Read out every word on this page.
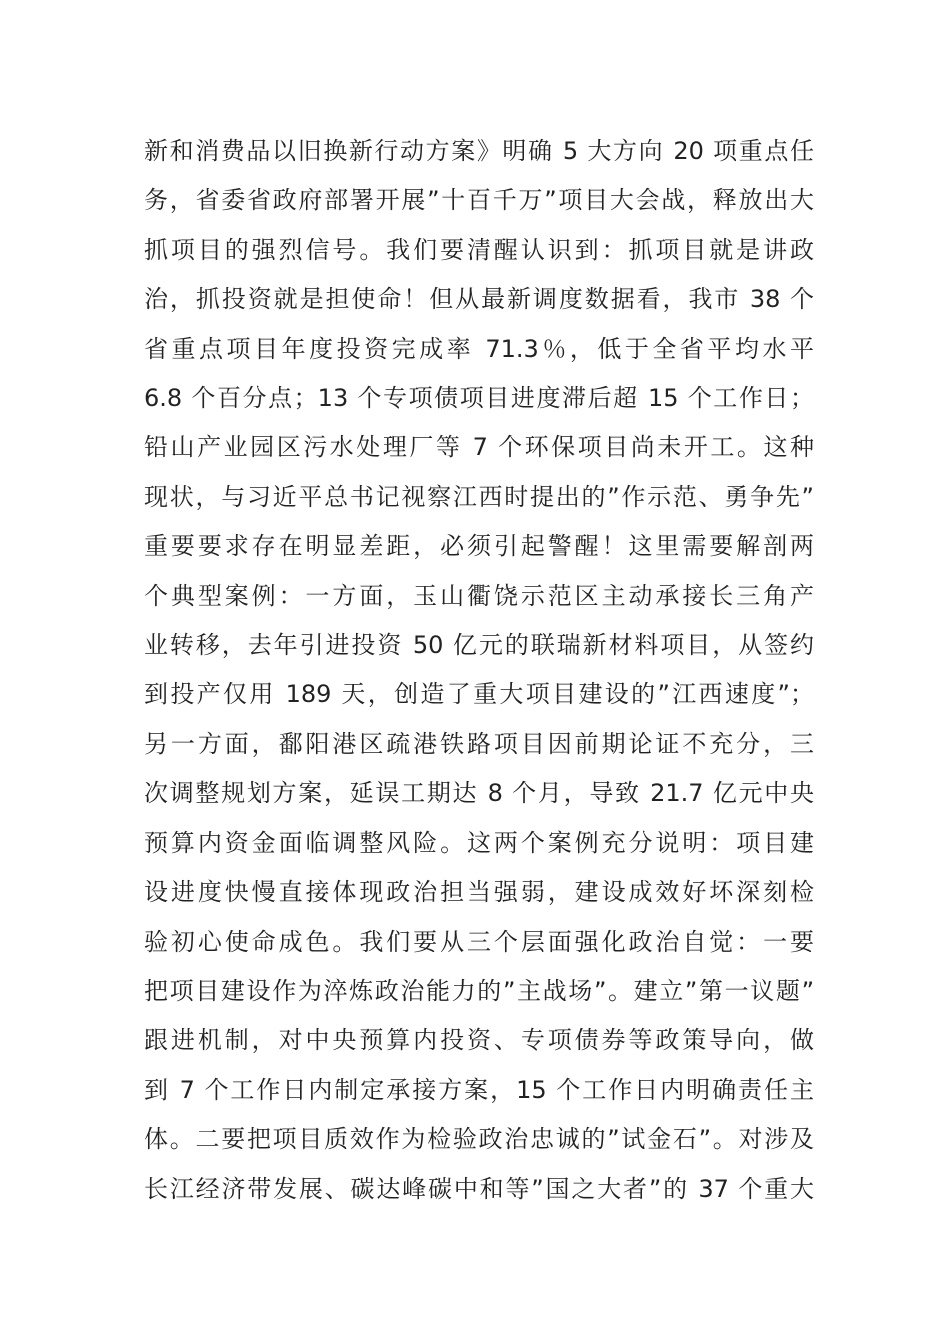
新和消费品以旧换新行动方案》明确 5 大方向 20 项重点任
务，省委省政府部署开展”十百千万”项目大会战，释放出大
抓项目的强烈信号。我们要清醒认识到：抓项目就是讲政
治，抓投资就是担使命！但从最新调度数据看，我市 38 个
省重点项目年度投资完成率 71.3％，低于全省平均水平
6.8 个百分点；13 个专项债项目进度滞后超 15 个工作日；
铅山产业园区污水处理厂等 7 个环保项目尚未开工。这种
现状，与习近平总书记视察江西时提出的”作示范、勇争先”
重要要求存在明显差距，必须引起警醒！这里需要解剖两
个典型案例：一方面，玉山衢饶示范区主动承接长三角产
业转移，去年引进投资 50 亿元的联瑞新材料项目，从签约
到投产仅用 189 天，创造了重大项目建设的”江西速度”；
另一方面，鄱阳港区疏港铁路项目因前期论证不充分，三
次调整规划方案，延误工期达 8 个月，导致 21.7 亿元中央
预算内资金面临调整风险。这两个案例充分说明：项目建
设进度快慢直接体现政治担当强弱，建设成效好坏深刻检
验初心使命成色。我们要从三个层面强化政治自觉：一要
把项目建设作为淬炼政治能力的”主战场”。建立”第一议题”
跟进机制，对中央预算内投资、专项债券等政策导向，做
到 7 个工作日内制定承接方案，15 个工作日内明确责任主
体。二要把项目质效作为检验政治忠诚的”试金石”。对涉及
长江经济带发展、碳达峰碳中和等”国之大者”的 37 个重大
